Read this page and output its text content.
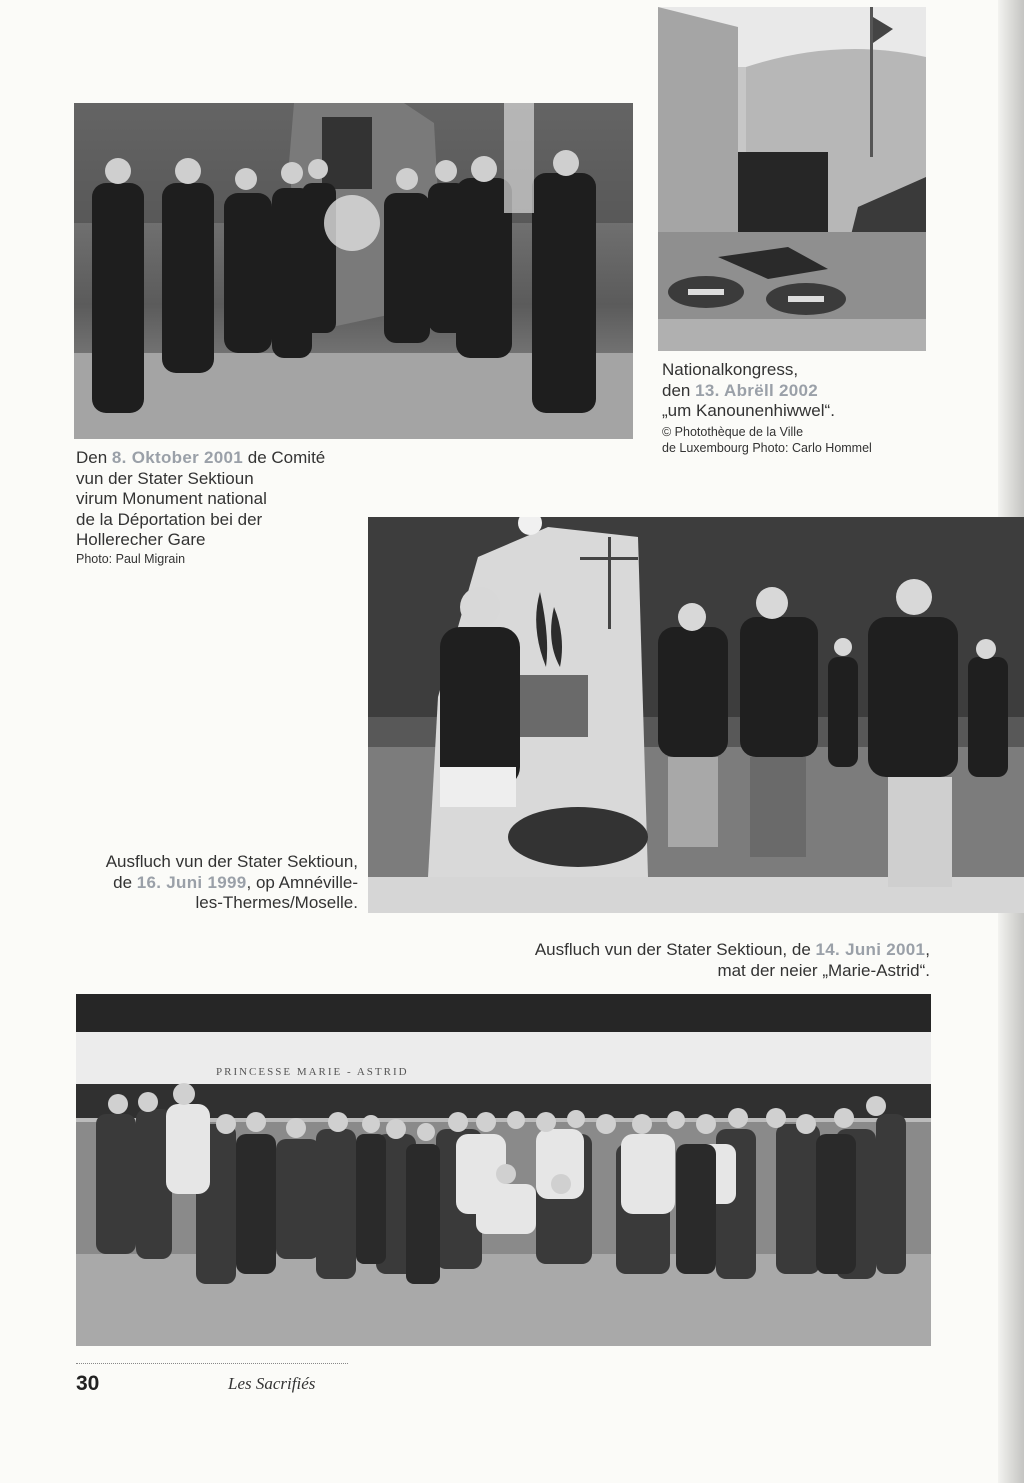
Den 8. Oktober 2001 de Comité
vun der Stater Sektioun
virum Monument national
de la Déportation bei der
Hollerecher Gare
Photo: Paul Migrain
Nationalkongress,
den 13. Abrëll 2002
„um Kanounenhiwwel“.
© Photothèque de la Ville
de Luxembourg Photo: Carlo Hommel
Ausfluch vun der Stater Sektioun,
de 16. Juni 1999, op Amnéville-
les-Thermes/Moselle.
Ausfluch vun der Stater Sektioun, de 14. Juni 2001,
mat der neier „Marie-Astrid“.
PRINCESSE MARIE - ASTRID
30	Les Sacrifiés
